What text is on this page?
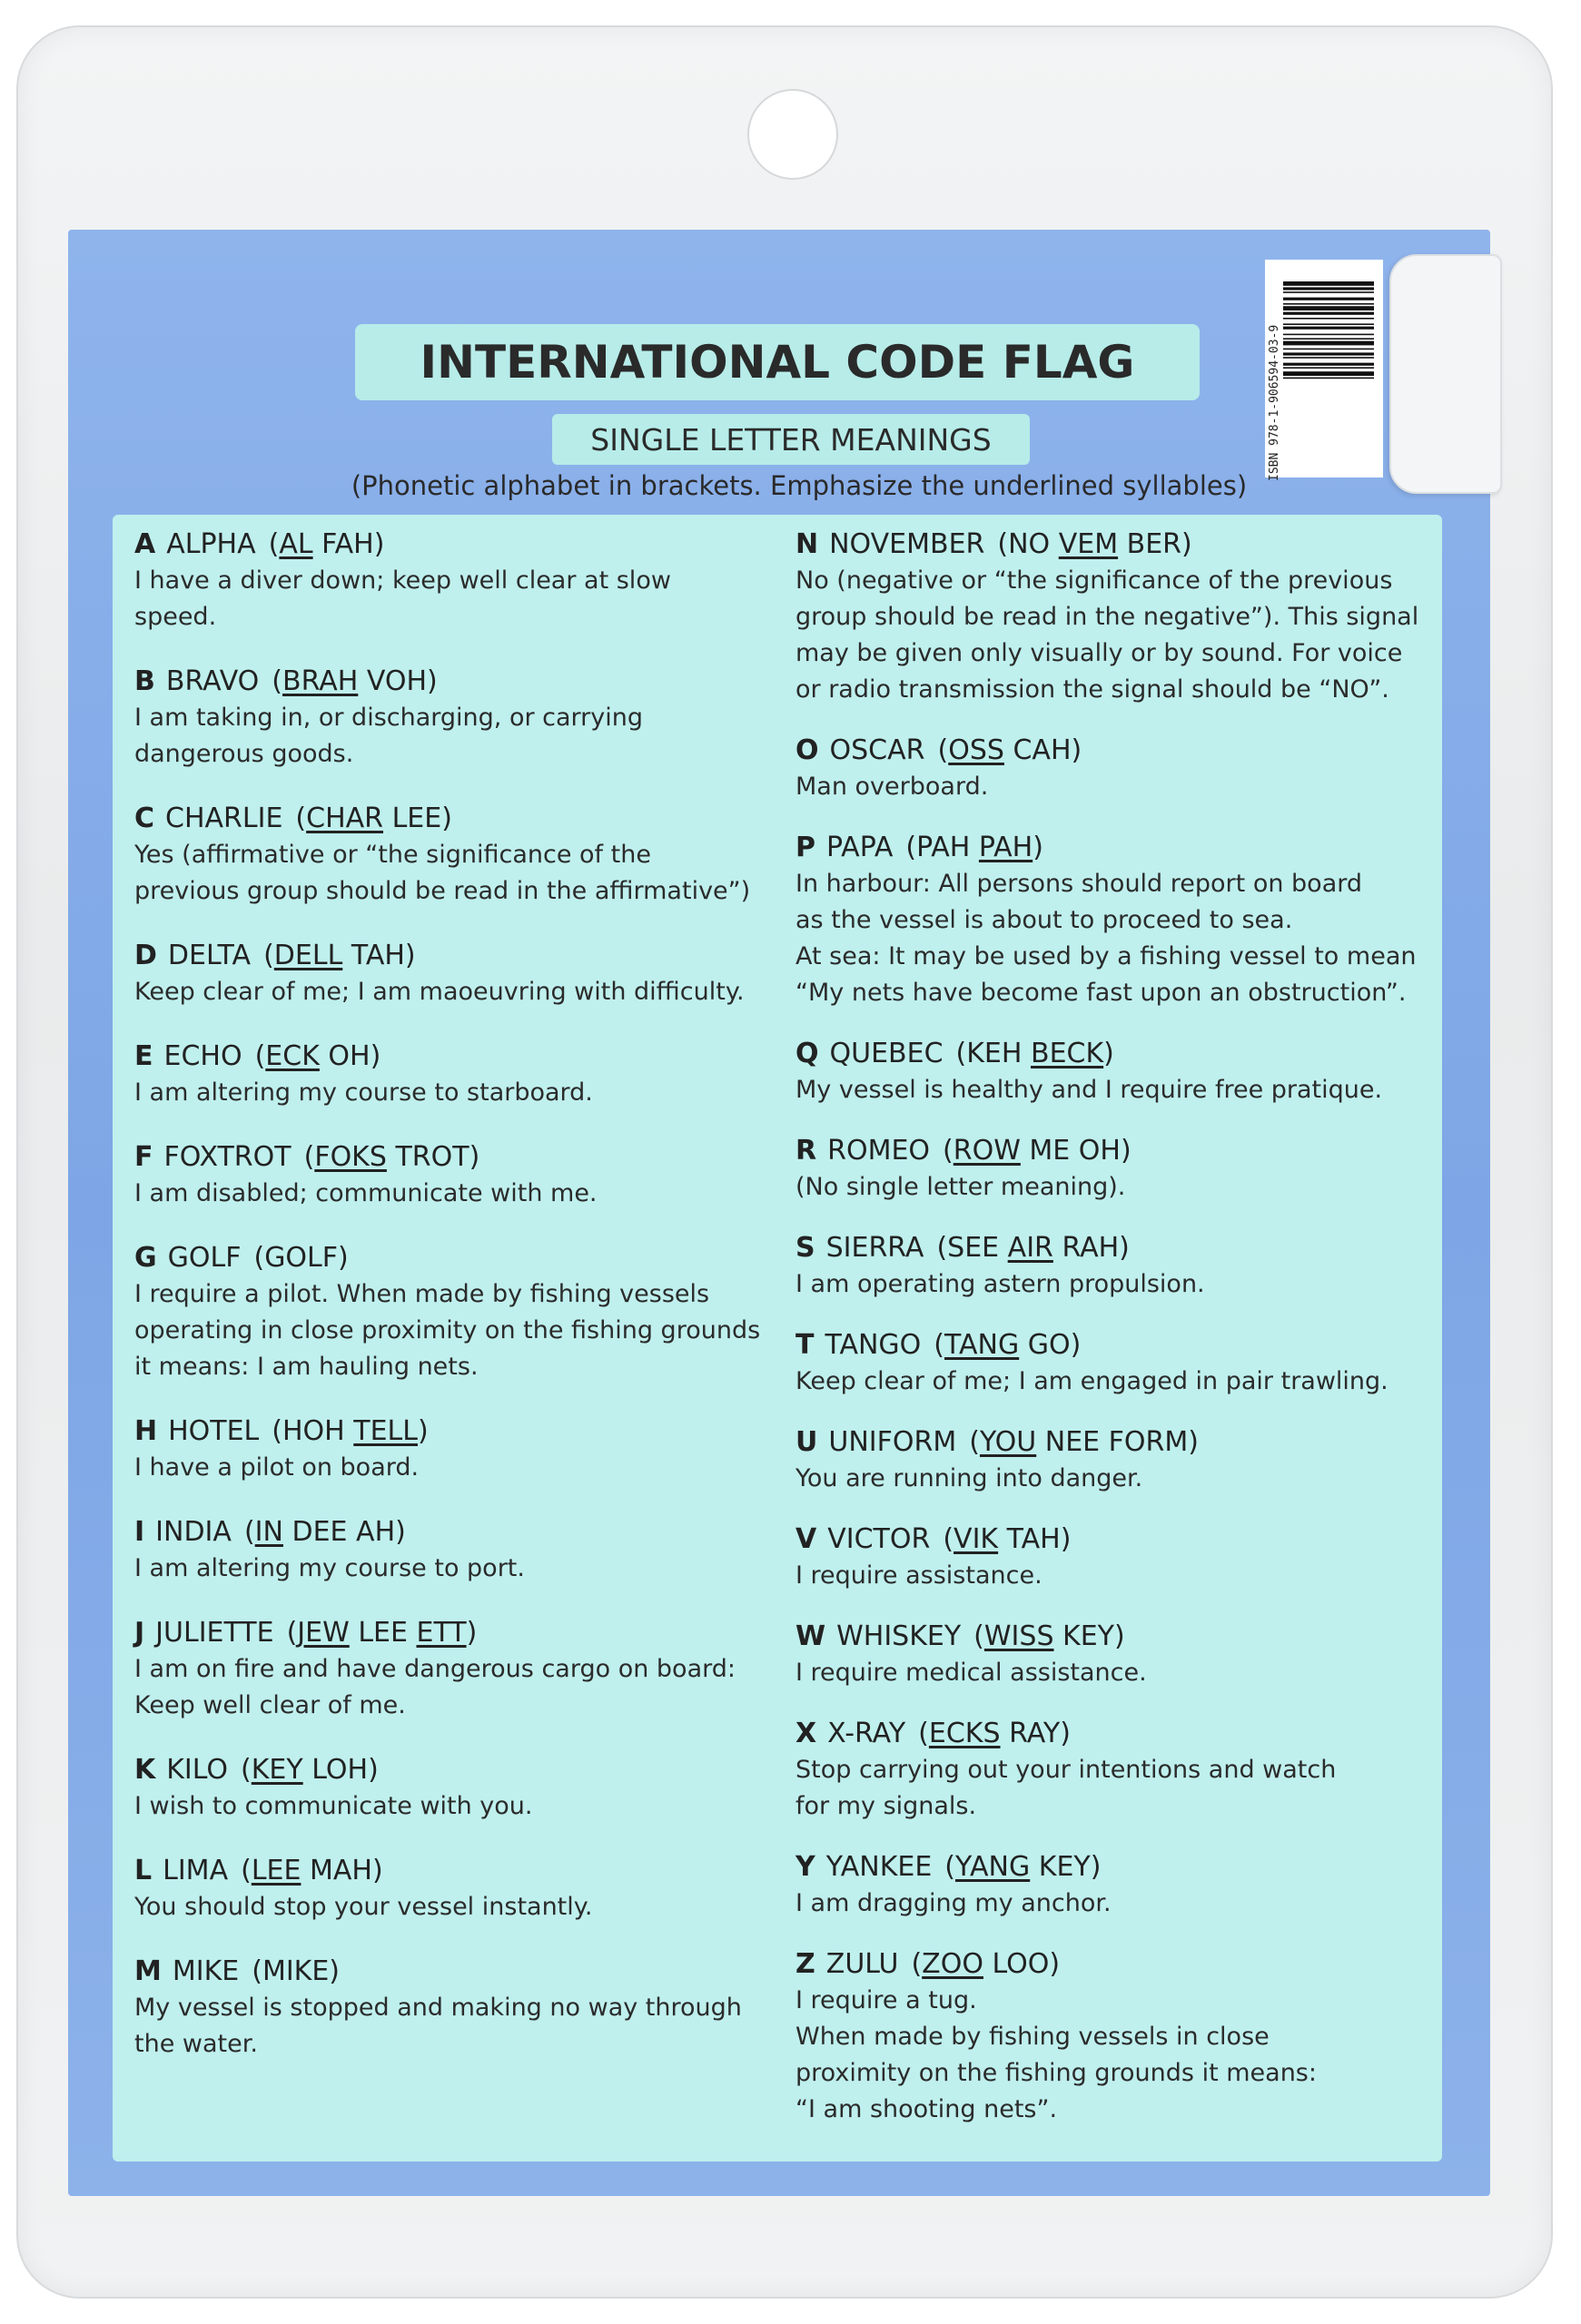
ISBN 978-1-906594-03-9
INTERNATIONAL CODE FLAG
SINGLE LETTER MEANINGS
(Phonetic alphabet in brackets. Emphasize the underlined syllables)
A ALPHA (AL FAH)
I have a diver down; keep well clear at slow
speed.
B BRAVO (BRAH VOH)
I am taking in, or discharging, or carrying
dangerous goods.
C CHARLIE (CHAR LEE)
Yes (affirmative or “the significance of the
previous group should be read in the affirmative”)
D DELTA (DELL TAH)
Keep clear of me; I am maoeuvring with difficulty.
E ECHO (ECK OH)
I am altering my course to starboard.
F FOXTROT (FOKS TROT)
I am disabled; communicate with me.
G GOLF (GOLF)
I require a pilot. When made by fishing vessels
operating in close proximity on the fishing grounds
it means: I am hauling nets.
H HOTEL (HOH TELL)
I have a pilot on board.
I INDIA (IN DEE AH)
I am altering my course to port.
J JULIETTE (JEW LEE ETT)
I am on fire and have dangerous cargo on board:
Keep well clear of me.
K KILO (KEY LOH)
I wish to communicate with you.
L LIMA (LEE MAH)
You should stop your vessel instantly.
M MIKE (MIKE)
My vessel is stopped and making no way through
the water.
N NOVEMBER (NO VEM BER)
No (negative or “the significance of the previous
group should be read in the negative”). This signal
may be given only visually or by sound. For voice
or radio transmission the signal should be “NO”.
O OSCAR (OSS CAH)
Man overboard.
P PAPA (PAH PAH)
In harbour: All persons should report on board
as the vessel is about to proceed to sea.
At sea: It may be used by a fishing vessel to mean
“My nets have become fast upon an obstruction”.
Q QUEBEC (KEH BECK)
My vessel is healthy and I require free pratique.
R ROMEO (ROW ME OH)
(No single letter meaning).
S SIERRA (SEE AIR RAH)
I am operating astern propulsion.
T TANGO (TANG GO)
Keep clear of me; I am engaged in pair trawling.
U UNIFORM (YOU NEE FORM)
You are running into danger.
V VICTOR (VIK TAH)
I require assistance.
W WHISKEY (WISS KEY)
I require medical assistance.
X X-RAY (ECKS RAY)
Stop carrying out your intentions and watch
for my signals.
Y YANKEE (YANG KEY)
I am dragging my anchor.
Z ZULU (ZOO LOO)
I require a tug.
When made by fishing vessels in close
proximity on the fishing grounds it means:
“I am shooting nets”.
